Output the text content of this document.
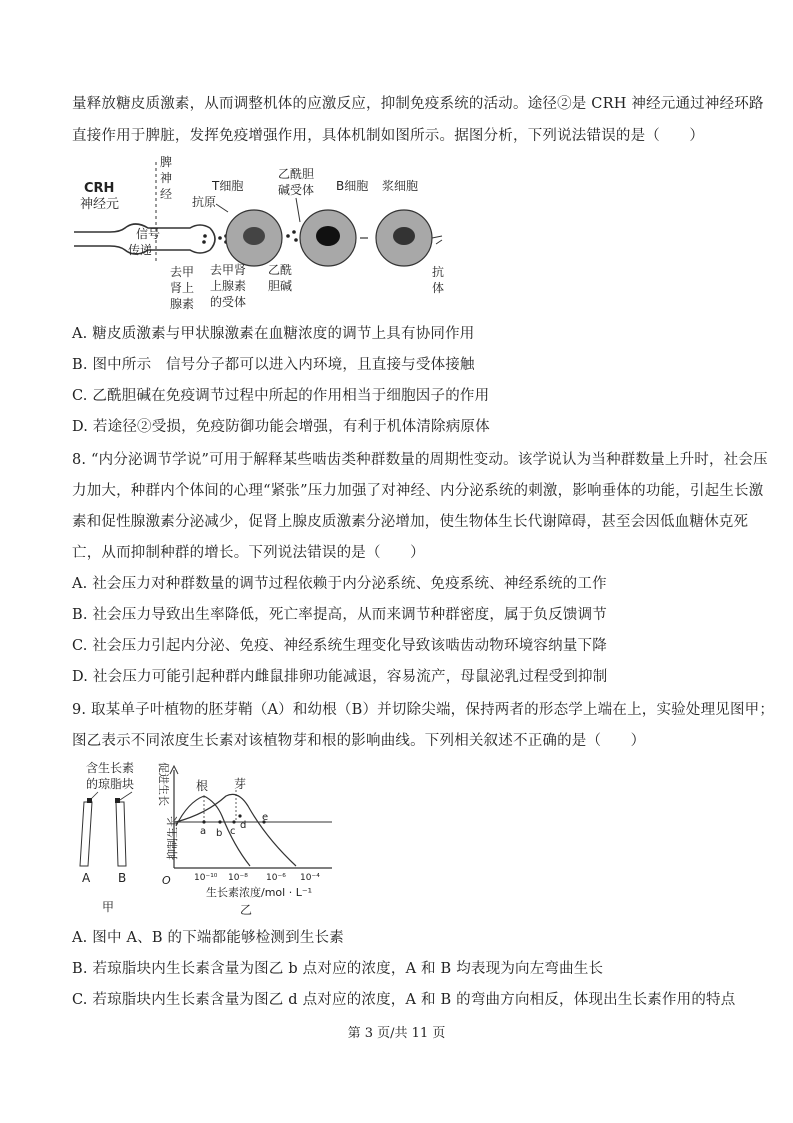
量释放糖皮质激素，从而调整机体的应激反应，抑制免疫系统的活动。途径②是 CRH 神经元通过神经环路
直接作用于脾脏，发挥免疫增强作用，具体机制如图所示。据图分析，下列说法错误的是（　　）
CRH
神经元
信号
传递
脾
神
经
去甲
肾上
腺素
T细胞
抗原
去甲肾
上腺素
的受体
乙酰
胆碱
乙酰胆
碱受体 B细胞 浆细胞
抗
体
A. 糖皮质激素与甲状腺激素在血糖浓度的调节上具有协同作用
B. 图中所示　信号分子都可以进入内环境，且直接与受体接触
C. 乙酰胆碱在免疫调节过程中所起的作用相当于细胞因子的作用
D. 若途径②受损，免疫防御功能会增强，有利于机体清除病原体
8. “内分泌调节学说”可用于解释某些啮齿类种群数量的周期性变动。该学说认为当种群数量上升时，社会压
力加大，种群内个体间的心理“紧张”压力加强了对神经、内分泌系统的刺激，影响垂体的功能，引起生长激
素和促性腺激素分泌减少，促肾上腺皮质激素分泌增加，使生物体生长代谢障碍，甚至会因低血糖休克死
亡，从而抑制种群的增长。下列说法错误的是（　　）
A. 社会压力对种群数量的调节过程依赖于内分泌系统、免疫系统、神经系统的工作
B. 社会压力导致出生率降低，死亡率提高，从而来调节种群密度，属于负反馈调节
C. 社会压力引起内分泌、免疫、神经系统生理变化导致该啮齿动物环境容纳量下降
D. 社会压力可能引起种群内雌鼠排卵功能减退，容易流产，母鼠泌乳过程受到抑制
9. 取某单子叶植物的胚芽鞘（A）和幼根（B）并切除尖端，保持两者的形态学上端在上，实验处理见图甲；
图乙表示不同浓度生长素对该植物芽和根的影响曲线。下列相关叙述不正确的是（　　）
含生长素
的琼脂块
A B
甲
促进生长
抑制生长
O
根 芽
a b c
d
e
10⁻¹⁰ 10⁻⁸ 10⁻⁶ 10⁻⁴
生长素浓度/mol · L⁻¹
乙
A. 图中 A、B 的下端都能够检测到生长素
B. 若琼脂块内生长素含量为图乙 b 点对应的浓度，A 和 B 均表现为向左弯曲生长
C. 若琼脂块内生长素含量为图乙 d 点对应的浓度，A 和 B 的弯曲方向相反，体现出生长素作用的特点
第 3 页/共 11 页
